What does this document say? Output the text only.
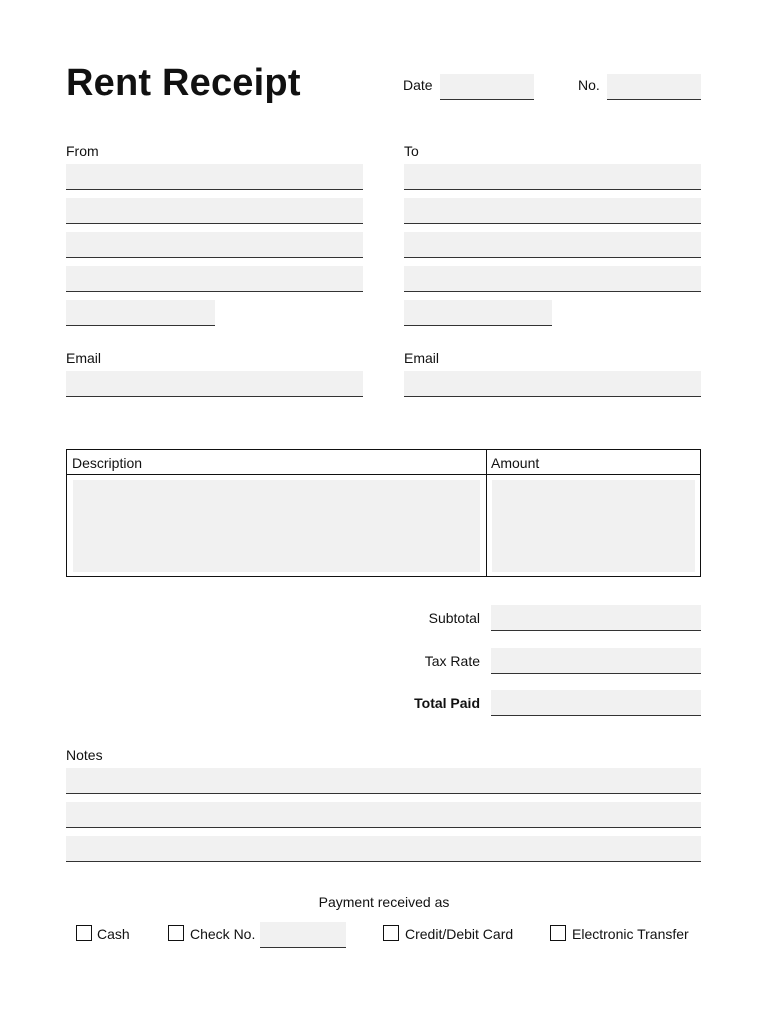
Rent Receipt	Date	No.
From
Email
To
Email
Description	Amount
Subtotal
Tax Rate
Total Paid
Notes
Payment received as
Cash	Check No.	Credit/Debit Card	Electronic Transfer
